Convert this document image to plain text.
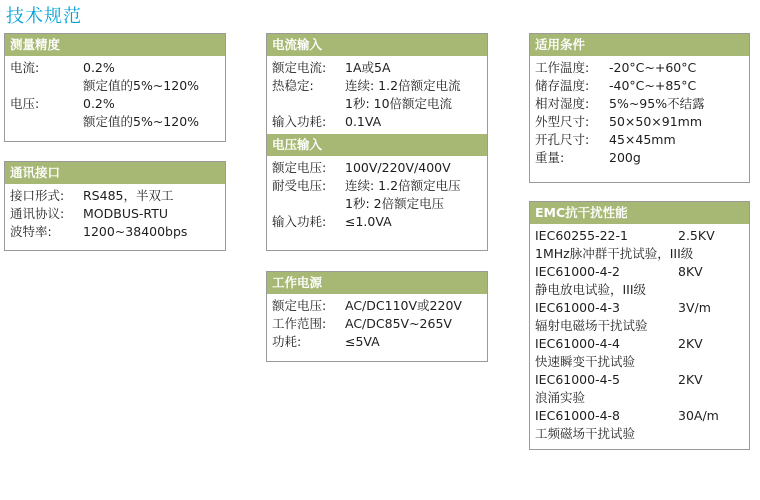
技术规范
测量精度
电流:	0.2%
额定值的5%~120%
电压:	0.2%
额定值的5%~120%
通讯接口
接口形式:	RS485，半双工
通讯协议:	MODBUS-RTU
波特率:	1200~38400bps
电流输入
额定电流:	1A或5A
热稳定:	连续: 1.2倍额定电流
1秒: 10倍额定电流
输入功耗:	0.1VA
电压输入
额定电压:	100V/220V/400V
耐受电压:	连续: 1.2倍额定电压
1秒: 2倍额定电压
输入功耗:	≤1.0VA
工作电源
额定电压:	AC/DC110V或220V
工作范围:	AC/DC85V~265V
功耗:	≤5VA
适用条件
工作温度:	-20°C~+60°C
储存温度:	-40°C~+85°C
相对湿度:	5%~95%不结露
外型尺寸:	50×50×91mm
开孔尺寸:	45×45mm
重量:	200g
EMC抗干扰性能
IEC60255-22-1	2.5KV
1MHz脉冲群干扰试验，III级
IEC61000-4-2	8KV
静电放电试验，III级
IEC61000-4-3	3V/m
辐射电磁场干扰试验
IEC61000-4-4	2KV
快速瞬变干扰试验
IEC61000-4-5	2KV
浪涌实验
IEC61000-4-8	30A/m
工频磁场干扰试验
